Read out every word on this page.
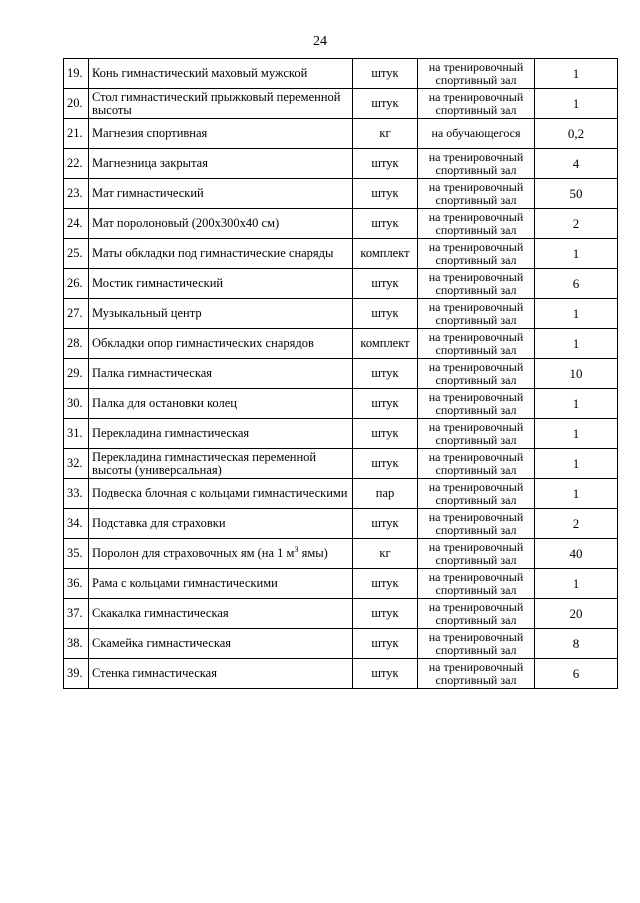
24
19.	Конь гимнастический маховый мужской	штук	на тренировочный спортивный зал	1
20.	Стол гимнастический прыжковый переменной высоты	штук	на тренировочный спортивный зал	1
21.	Магнезия спортивная	кг	на обучающегося	0,2
22.	Магнезница закрытая	штук	на тренировочный спортивный зал	4
23.	Мат гимнастический	штук	на тренировочный спортивный зал	50
24.	Мат поролоновый (200х300х40 см)	штук	на тренировочный спортивный зал	2
25.	Маты обкладки под гимнастические снаряды	комплект	на тренировочный спортивный зал	1
26.	Мостик гимнастический	штук	на тренировочный спортивный зал	6
27.	Музыкальный центр	штук	на тренировочный спортивный зал	1
28.	Обкладки опор гимнастических снарядов	комплект	на тренировочный спортивный зал	1
29.	Палка гимнастическая	штук	на тренировочный спортивный зал	10
30.	Палка для остановки колец	штук	на тренировочный спортивный зал	1
31.	Перекладина гимнастическая	штук	на тренировочный спортивный зал	1
32.	Перекладина гимнастическая переменной высоты (универсальная)	штук	на тренировочный спортивный зал	1
33.	Подвеска блочная с кольцами гимнастическими	пар	на тренировочный спортивный зал	1
34.	Подставка для страховки	штук	на тренировочный спортивный зал	2
35.	Поролон для страховочных ям (на 1 $м^3$ ямы)	кг	на тренировочный спортивный зал	40
36.	Рама с кольцами гимнастическими	штук	на тренировочный спортивный зал	1
37.	Скакалка гимнастическая	штук	на тренировочный спортивный зал	20
38.	Скамейка гимнастическая	штук	на тренировочный спортивный зал	8
39.	Стенка гимнастическая	штук	на тренировочный спортивный зал	6
